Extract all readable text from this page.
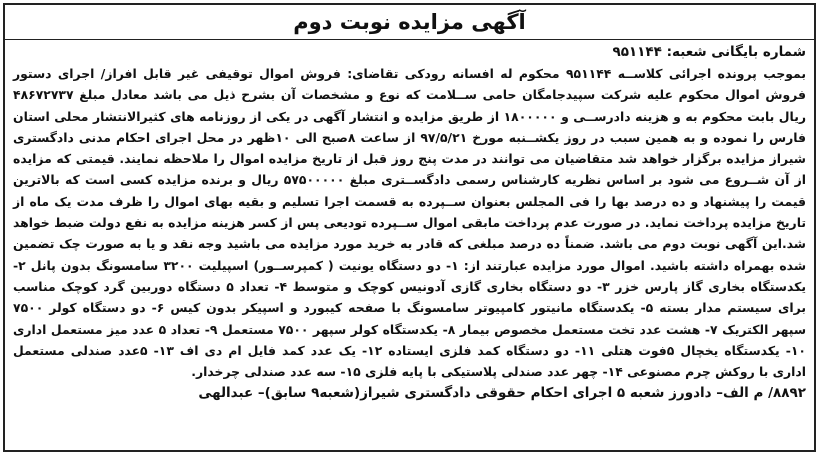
آگهی مزایده نوبت دوم
شماره بایگانی شعبه: ۹۵۱۱۴۴
بموجب پرونده اجرائی کلاســه ۹۵۱۱۴۴ محکوم له افسانه رودکی تقاضای: فروش اموال توقیفی غیر قابل افراز/ اجرای دستور فروش اموال محکوم علیه شرکت سپیدجامگان حامی ســلامت که نوع و مشخصات آن بشرح ذیل می باشد معادل مبلغ ۴۸۶۷۲۷۳۷ ریال بابت محکوم به و هزینه دادرســی و ۱۸۰۰۰۰۰ از طریق مزایده و انتشار آگهی در یکی از روزنامه های کثیرالانتشار محلی استان فارس را نموده و به همین سبب در روز یکشــنبه مورخ ۹۷/۵/۲۱ از ساعت ۸صبح الی ۱۰ظهر در محل اجرای احکام مدنی دادگستری شیراز مزایده برگزار خواهد شد متقاضیان می توانند در مدت پنج روز قبل از تاریخ مزایده اموال را ملاحظه نمایند. قیمتی که مزایده از آن شــروع می شود بر اساس نظریه کارشناس رسمی دادگســتری مبلغ ۵۷۵۰۰۰۰۰ ریال و برنده مزایده کسی است که بالاترین قیمت را پیشنهاد و ده درصد بها را فی المجلس بعنوان ســپرده به قسمت اجرا تسلیم و بقیه بهای اموال را ظرف مدت یک ماه از تاریخ مزایده پرداخت نماید. در صورت عدم پرداخت مابقی اموال ســپرده تودیعی پس از کسر هزینه مزایده به نفع دولت ضبط خواهد شد.این آگهی نوبت دوم می باشد. ضمناً ده درصد مبلغی که قادر به خرید مورد مزایده می باشید وجه نقد و یا به صورت چک تضمین شده بهمراه داشته باشید. اموال مورد مزایده عبارتند از: ۱- دو دستگاه یونیت ( کمپرســور) اسپیلیت ۳۲۰۰ سامسونگ بدون پانل ۲- یکدستگاه بخاری گاز پارس خزر ۳- دو دستگاه بخاری گازی آدونیس کوچک و متوسط ۴- تعداد ۵ دستگاه دوربین گرد کوچک مناسب برای سیستم مدار بسته ۵- یکدستگاه مانیتور کامپیوتر سامسونگ با صفحه کیبورد و اسپیکر بدون کیس ۶- دو دستگاه کولر ۷۵۰۰ سپهر الکتریک ۷- هشت عدد تخت مستعمل مخصوص بیمار ۸- یکدستگاه کولر سپهر ۷۵۰۰ مستعمل ۹- تعداد ۵ عدد میز مستعمل اداری ۱۰- یکدستگاه یخچال ۵فوت هتلی ۱۱- دو دستگاه کمد فلزی ایستاده ۱۲- یک عدد کمد فایل ام دی اف ۱۳- ۵عدد صندلی مستعمل اداری با روکش چرم مصنوعی ۱۴- چهر عدد صندلی پلاستیکی با پایه فلزی ۱۵- سه عدد صندلی چرخدار.
۸۸۹۲/ م الف– دادورز شعبه ۵ اجرای احکام حقوقی دادگستری شیراز(شعبه۹ سابق)– عبدالهی
